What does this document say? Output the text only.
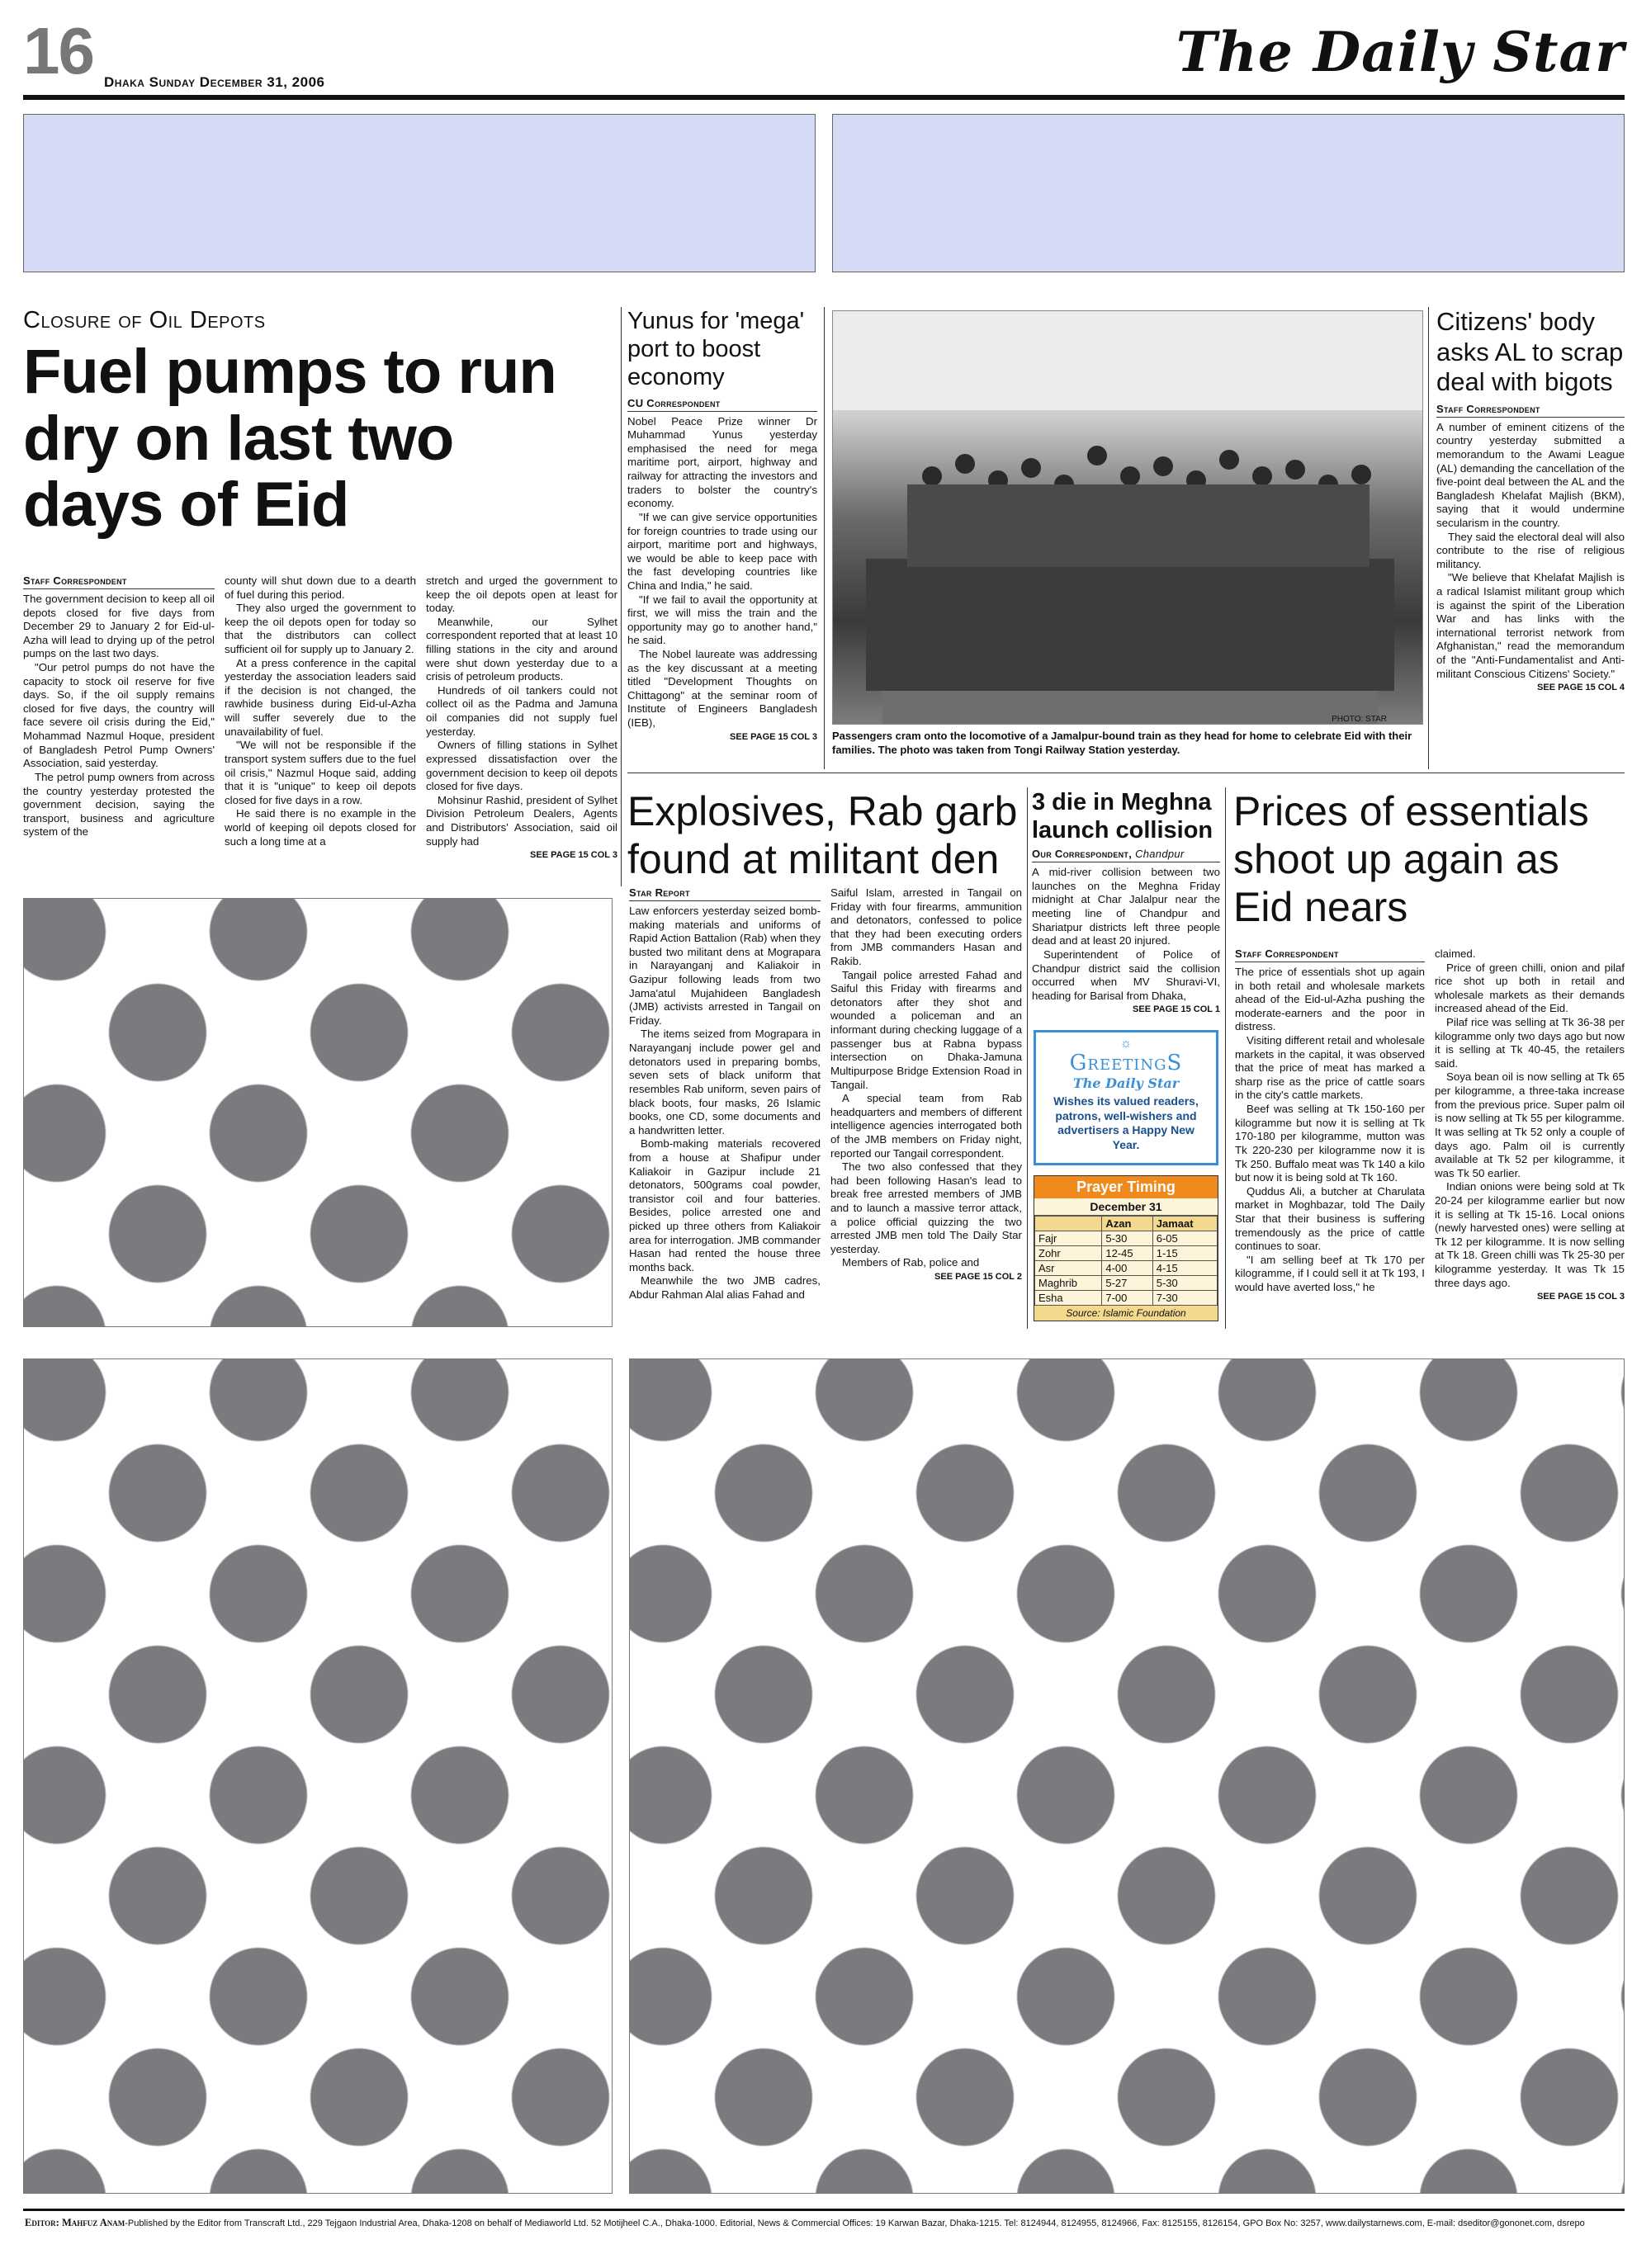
16 Dhaka Sunday December 31, 2006	The Daily Star
Closure of Oil Depots
Fuel pumps to run dry on last two days of Eid
Staff Correspondent

The government decision to keep all oil depots closed for five days from December 29 to January 2 for Eid-ul-Azha will lead to drying up of the petrol pumps on the last two days.

"Our petrol pumps do not have the capacity to stock oil reserve for five days. So, if the oil supply remains closed for five days, the country will face severe oil crisis during the Eid," Mohammad Nazmul Hoque, president of Bangladesh Petrol Pump Owners' Association, said yesterday.

The petrol pump owners from across the country yesterday protested the government decision, saying the transport, business and agriculture system of the

county will shut down due to a dearth of fuel during this period.

They also urged the government to keep the oil depots open for today so that the distributors can collect sufficient oil for supply up to January 2.

At a press conference in the capital yesterday the association leaders said if the decision is not changed, the rawhide business during Eid-ul-Azha will suffer severely due to the unavailability of fuel.

"We will not be responsible if the transport system suffers due to the fuel oil crisis," Nazmul Hoque said, adding that it is "unique" to keep oil depots closed for five days in a row.

He said there is no example in the world of keeping oil depots closed for such a long time at a

stretch and urged the government to keep the oil depots open at least for today.

Meanwhile, our Sylhet correspondent reported that at least 10 filling stations in the city and around were shut down yesterday due to a crisis of petroleum products.

Hundreds of oil tankers could not collect oil as the Padma and Jamuna oil companies did not supply fuel yesterday.

Owners of filling stations in Sylhet expressed dissatisfaction over the government decision to keep oil depots closed for five days.

Mohsinur Rashid, president of Sylhet Division Petroleum Dealers, Agents and Distributors' Association, said oil supply had

SEE PAGE 15 COL 3
Yunus for 'mega' port to boost economy
CU Correspondent

Nobel Peace Prize winner Dr Muhammad Yunus yesterday emphasised the need for mega maritime port, airport, highway and railway for attracting the investors and traders to bolster the country's economy.

"If we can give service opportunities for foreign countries to trade using our airport, maritime port and highways, we would be able to keep pace with the fast developing countries like China and India," he said.

"If we fail to avail the opportunity at first, we will miss the train and the opportunity may go to another hand," he said.

The Nobel laureate was addressing as the key discussant at a meeting titled "Development Thoughts on Chittagong" at the seminar room of Institute of Engineers Bangladesh (IEB),

SEE PAGE 15 COL 3
PHOTO: STAR
Passengers cram onto the locomotive of a Jamalpur-bound train as they head for home to celebrate Eid with their families. The photo was taken from Tongi Railway Station yesterday.
Citizens' body asks AL to scrap deal with bigots
Staff Correspondent

A number of eminent citizens of the country yesterday submitted a memorandum to the Awami League (AL) demanding the cancellation of the five-point deal between the AL and the Bangladesh Khelafat Majlish (BKM), saying that it would undermine secularism in the country.

They said the electoral deal will also contribute to the rise of religious militancy.

"We believe that Khelafat Majlish is a radical Islamist militant group which is against the spirit of the Liberation War and has links with the international terrorist network from Afghanistan," read the memorandum of the "Anti-Fundamentalist and Anti-militant Conscious Citizens' Society."

SEE PAGE 15 COL 4
Explosives, Rab garb found at militant den
Star Report

Law enforcers yesterday seized bomb-making materials and uniforms of Rapid Action Battalion (Rab) when they busted two militant dens at Mograpara in Narayanganj and Kaliakoir in Gazipur following leads from two Jama'atul Mujahideen Bangladesh (JMB) activists arrested in Tangail on Friday.

The items seized from Mograpara in Narayanganj include power gel and detonators used in preparing bombs, seven sets of black uniform that resembles Rab uniform, seven pairs of black boots, four masks, 26 Islamic books, one CD, some documents and a handwritten letter.

Bomb-making materials recovered from a house at Shafipur under Kaliakoir in Gazipur include 21 detonators, 500grams coal powder, transistor coil and four batteries. Besides, police arrested one and picked up three others from Kaliakoir area for interrogation. JMB commander Hasan had rented the house three months back.

Meanwhile the two JMB cadres, Abdur Rahman Alal alias Fahad and

Saiful Islam, arrested in Tangail on Friday with four firearms, ammunition and detonators, confessed to police that they had been executing orders from JMB commanders Hasan and Rakib.

Tangail police arrested Fahad and Saiful this Friday with firearms and detonators after they shot and wounded a policeman and an informant during checking luggage of a passenger bus at Rabna bypass intersection on Dhaka-Jamuna Multipurpose Bridge Extension Road in Tangail.

A special team from Rab headquarters and members of different intelligence agencies interrogated both of the JMB members on Friday night, reported our Tangail correspondent.

The two also confessed that they had been following Hasan's lead to break free arrested members of JMB and to launch a massive terror attack, a police official quizzing the two arrested JMB men told The Daily Star yesterday.

Members of Rab, police and

SEE PAGE 15 COL 2
3 die in Meghna launch collision
Our Correspondent, Chandpur

A mid-river collision between two launches on the Meghna Friday midnight at Char Jalalpur near the meeting line of Chandpur and Shariatpur districts left three people dead and at least 20 injured.

Superintendent of Police of Chandpur district said the collision occurred when MV Shuravi-VI, heading for Barisal from Dhaka,

SEE PAGE 15 COL 1
☼
GreetingS
The Daily Star
Wishes its valued readers, patrons, well-wishers and advertisers a Happy New Year.
Prayer Timing
December 31
	Azan	Jamaat
Fajr	5-30	6-05
Zohr	12-45	1-15
Asr	4-00	4-15
Maghrib	5-27	5-30
Esha	7-00	7-30
Source: Islamic Foundation
Prices of essentials shoot up again as Eid nears
Staff Correspondent

The price of essentials shot up again in both retail and wholesale markets ahead of the Eid-ul-Azha pushing the moderate-earners and the poor in distress.

Visiting different retail and wholesale markets in the capital, it was observed that the price of meat has marked a sharp rise as the price of cattle soars in the city's cattle markets.

Beef was selling at Tk 150-160 per kilogramme but now it is selling at Tk 170-180 per kilogramme, mutton was Tk 220-230 per kilogramme now it is Tk 250. Buffalo meat was Tk 140 a kilo but now it is being sold at Tk 160.

Quddus Ali, a butcher at Charulata market in Moghbazar, told The Daily Star that their business is suffering tremendously as the price of cattle continues to soar.

"I am selling beef at Tk 170 per kilogramme, if I could sell it at Tk 193, I would have averted loss," he

claimed.

Price of green chilli, onion and pilaf rice shot up both in retail and wholesale markets as their demands increased ahead of the Eid.

Pilaf rice was selling at Tk 36-38 per kilogramme only two days ago but now it is selling at Tk 40-45, the retailers said.

Soya bean oil is now selling at Tk 65 per kilogramme, a three-taka increase from the previous price. Super palm oil is now selling at Tk 55 per kilogramme. It was selling at Tk 52 only a couple of days ago. Palm oil is currently available at Tk 52 per kilogramme, it was Tk 50 earlier.

Indian onions were being sold at Tk 20-24 per kilogramme earlier but now it is selling at Tk 15-16. Local onions (newly harvested ones) were selling at Tk 12 per kilogramme. It is now selling at Tk 18. Green chilli was Tk 25-30 per kilogramme yesterday. It was Tk 15 three days ago.

SEE PAGE 15 COL 3
Editor: Mahfuz Anam-Published by the Editor from Transcraft Ltd., 229 Tejgaon Industrial Area, Dhaka-1208 on behalf of Mediaworld Ltd. 52 Motijheel C.A., Dhaka-1000. Editorial, News & Commercial Offices: 19 Karwan Bazar, Dhaka-1215. Tel: 8124944, 8124955, 8124966, Fax: 8125155, 8126154, GPO Box No: 3257, www.dailystarnews.com, E-mail: dseditor@gononet.com, dsrepo
